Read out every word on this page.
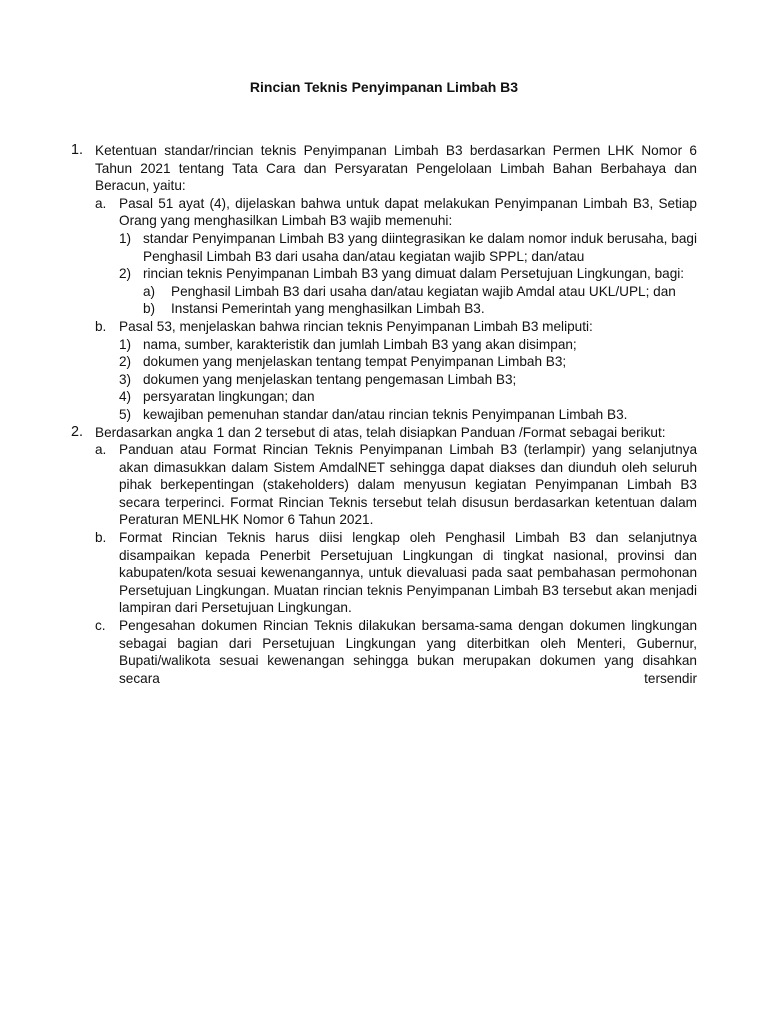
Rincian Teknis Penyimpanan Limbah B3
1. Ketentuan standar/rincian teknis Penyimpanan Limbah B3 berdasarkan Permen LHK Nomor 6 Tahun 2021 tentang Tata Cara dan Persyaratan Pengelolaan Limbah Bahan Berbahaya dan Beracun, yaitu:
a. Pasal 51 ayat (4), dijelaskan bahwa untuk dapat melakukan Penyimpanan Limbah B3, Setiap Orang yang menghasilkan Limbah B3 wajib memenuhi:
1) standar Penyimpanan Limbah B3 yang diintegrasikan ke dalam nomor induk berusaha, bagi Penghasil Limbah B3 dari usaha dan/atau kegiatan wajib SPPL; dan/atau
2) rincian teknis Penyimpanan Limbah B3 yang dimuat dalam Persetujuan Lingkungan, bagi:
a)	Penghasil Limbah B3 dari usaha dan/atau kegiatan wajib Amdal atau UKL/UPL; dan
b)	Instansi Pemerintah yang menghasilkan Limbah B3.
b. Pasal 53, menjelaskan bahwa rincian teknis Penyimpanan Limbah B3 meliputi:
1) nama, sumber, karakteristik dan jumlah Limbah B3 yang akan disimpan;
2) dokumen yang menjelaskan tentang tempat Penyimpanan Limbah B3;
3) dokumen yang menjelaskan tentang pengemasan Limbah B3;
4) persyaratan lingkungan; dan
5) kewajiban pemenuhan standar dan/atau rincian teknis Penyimpanan Limbah B3.
2. Berdasarkan angka 1 dan 2 tersebut di atas, telah disiapkan Panduan /Format sebagai berikut:
a. Panduan atau Format Rincian Teknis Penyimpanan Limbah B3 (terlampir) yang selanjutnya akan dimasukkan dalam Sistem AmdalNET sehingga dapat diakses dan diunduh oleh seluruh pihak berkepentingan (stakeholders) dalam menyusun kegiatan Penyimpanan Limbah B3 secara terperinci. Format Rincian Teknis tersebut telah disusun berdasarkan ketentuan dalam Peraturan MENLHK Nomor 6 Tahun 2021.
b. Format Rincian Teknis harus diisi lengkap oleh Penghasil Limbah B3 dan selanjutnya disampaikan kepada Penerbit Persetujuan Lingkungan di tingkat nasional, provinsi dan kabupaten/kota sesuai kewenangannya, untuk dievaluasi pada saat pembahasan permohonan Persetujuan Lingkungan. Muatan rincian teknis Penyimpanan Limbah B3 tersebut akan menjadi lampiran dari Persetujuan Lingkungan.
c. Pengesahan dokumen Rincian Teknis dilakukan bersama-sama dengan dokumen lingkungan sebagai bagian dari Persetujuan Lingkungan yang diterbitkan oleh Menteri, Gubernur, Bupati/walikota sesuai kewenangan sehingga bukan merupakan dokumen yang disahkan secara tersendir
